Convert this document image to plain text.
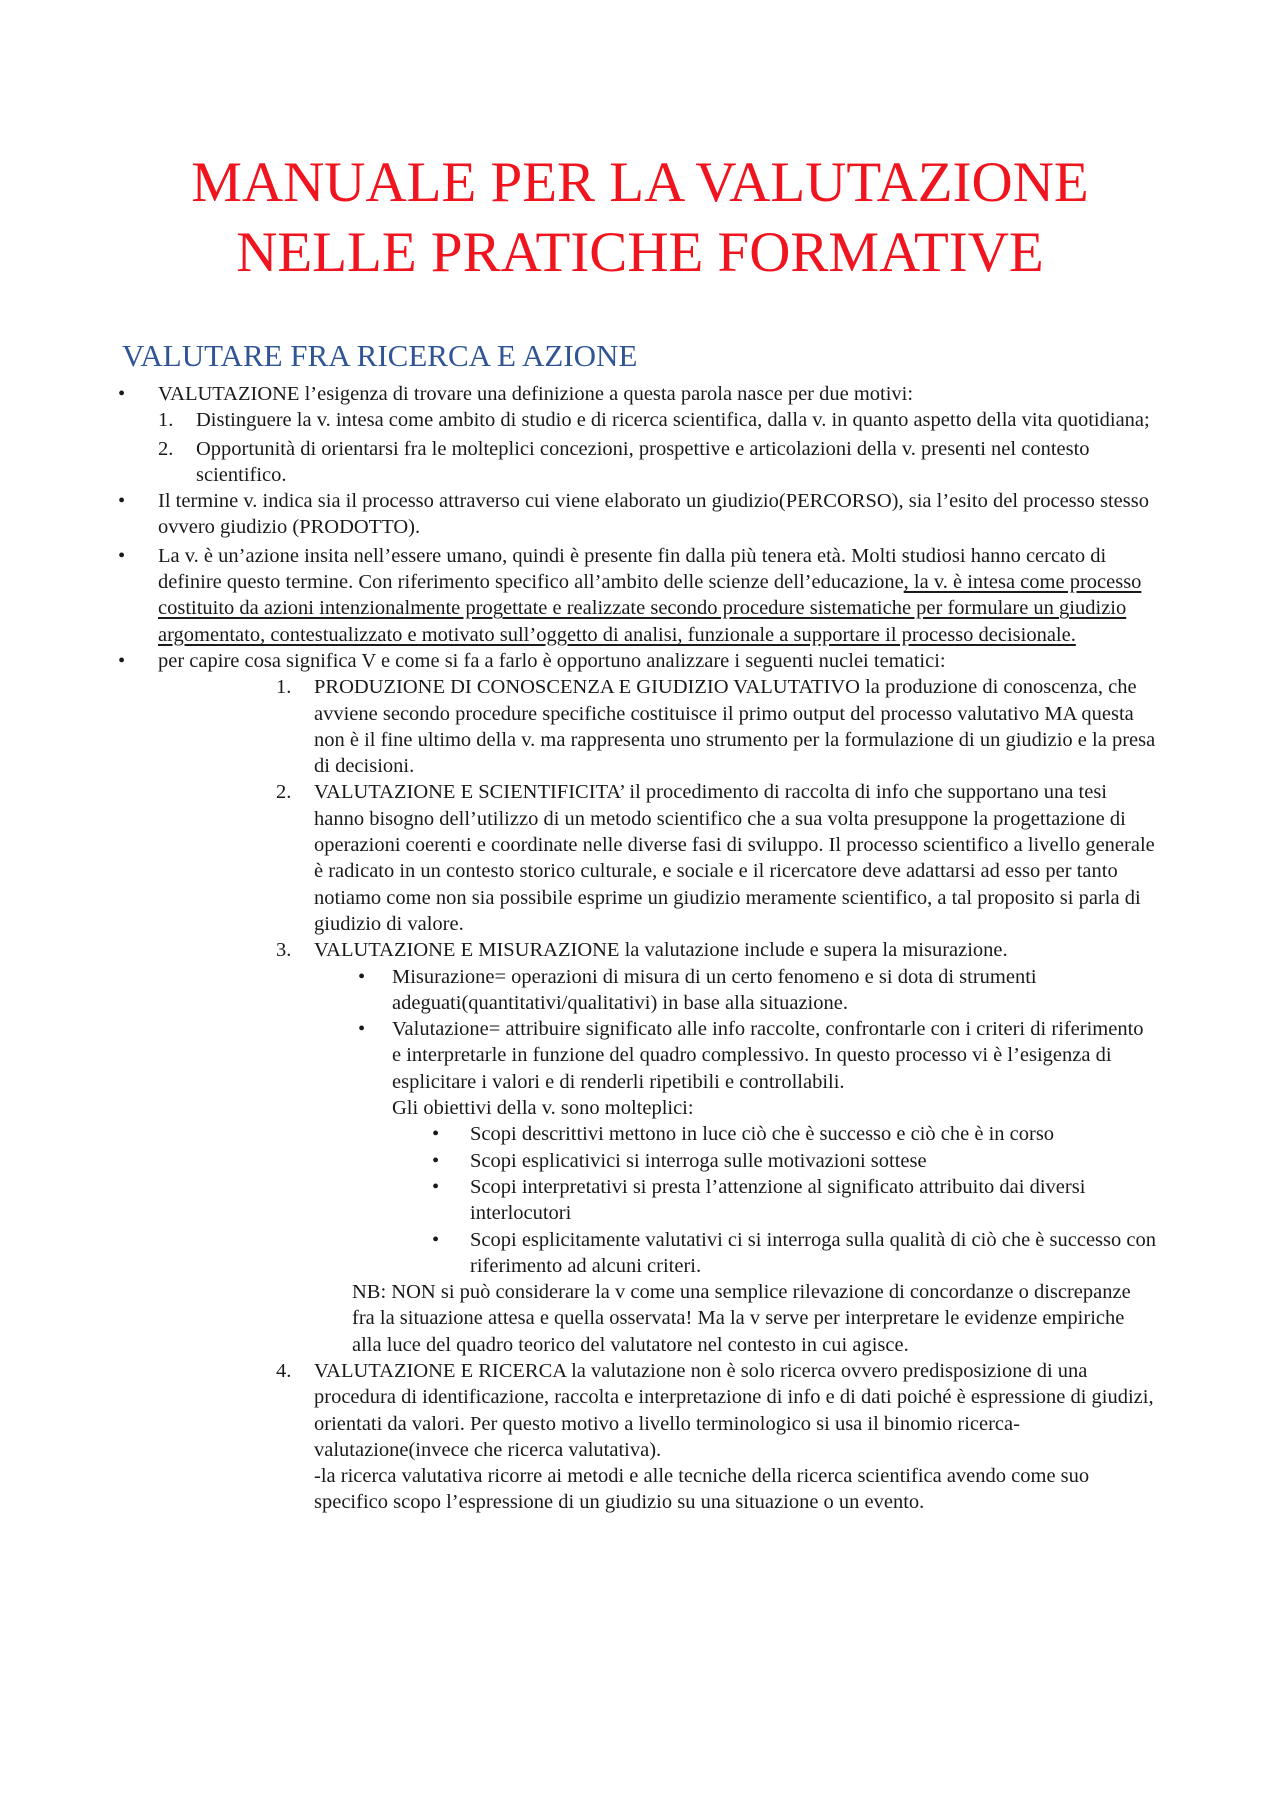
MANUALE PER LA VALUTAZIONE
NELLE PRATICHE FORMATIVE
VALUTARE FRA RICERCA E AZIONE
• VALUTAZIONE l’esigenza di trovare una definizione a questa parola nasce per due motivi:
1. Distinguere la v. intesa come ambito di studio e di ricerca scientifica, dalla v. in quanto aspetto della vita quotidiana;
2. Opportunità di orientarsi fra le molteplici concezioni, prospettive e articolazioni della v. presenti nel contesto scientifico.
• Il termine v. indica sia il processo attraverso cui viene elaborato un giudizio(PERCORSO), sia l’esito del processo stesso ovvero giudizio (PRODOTTO).
• La v. è un’azione insita nell’essere umano, quindi è presente fin dalla più tenera età. Molti studiosi hanno cercato di definire questo termine. Con riferimento specifico all’ambito delle scienze dell’educazione, la v. è intesa come processo costituito da azioni intenzionalmente progettate e realizzate secondo procedure sistematiche per formulare un giudizio argomentato, contestualizzato e motivato sull’oggetto di analisi, funzionale a supportare il processo decisionale.
• per capire cosa significa V e come si fa a farlo è opportuno analizzare i seguenti nuclei tematici:
1. PRODUZIONE DI CONOSCENZA E GIUDIZIO VALUTATIVO la produzione di conoscenza, che avviene secondo procedure specifiche costituisce il primo output del processo valutativo MA questa non è il fine ultimo della v. ma rappresenta uno strumento per la formulazione di un giudizio e la presa di decisioni.
2. VALUTAZIONE E SCIENTIFICITA’ il procedimento di raccolta di info che supportano una tesi hanno bisogno dell’utilizzo di un metodo scientifico che a sua volta presuppone la progettazione di operazioni coerenti e coordinate nelle diverse fasi di sviluppo. Il processo scientifico a livello generale è radicato in un contesto storico culturale, e sociale e il ricercatore deve adattarsi ad esso per tanto notiamo come non sia possibile esprime un giudizio meramente scientifico, a tal proposito si parla di giudizio di valore.
3. VALUTAZIONE E MISURAZIONE la valutazione include e supera la misurazione.
• Misurazione= operazioni di misura di un certo fenomeno e si dota di strumenti adeguati(quantitativi/qualitativi) in base alla situazione.
• Valutazione= attribuire significato alle info raccolte, confrontarle con i criteri di riferimento e interpretarle in funzione del quadro complessivo. In questo processo vi è l’esigenza di esplicitare i valori e di renderli ripetibili e controllabili.
Gli obiettivi della v. sono molteplici:
• Scopi descrittivi mettono in luce ciò che è successo e ciò che è in corso
• Scopi esplicativici si interroga sulle motivazioni sottese
• Scopi interpretativi si presta l’attenzione al significato attribuito dai diversi interlocutori
• Scopi esplicitamente valutativi ci si interroga sulla qualità di ciò che è successo con riferimento ad alcuni criteri.
NB: NON si può considerare la v come una semplice rilevazione di concordanze o discrepanze fra la situazione attesa e quella osservata! Ma la v serve per interpretare le evidenze empiriche alla luce del quadro teorico del valutatore nel contesto in cui agisce.
4. VALUTAZIONE E RICERCA la valutazione non è solo ricerca ovvero predisposizione di una procedura di identificazione, raccolta e interpretazione di info e di dati poiché è espressione di giudizi, orientati da valori. Per questo motivo a livello terminologico si usa il binomio ricerca-valutazione(invece che ricerca valutativa).
-la ricerca valutativa ricorre ai metodi e alle tecniche della ricerca scientifica avendo come suo specifico scopo l’espressione di un giudizio su una situazione o un evento.
